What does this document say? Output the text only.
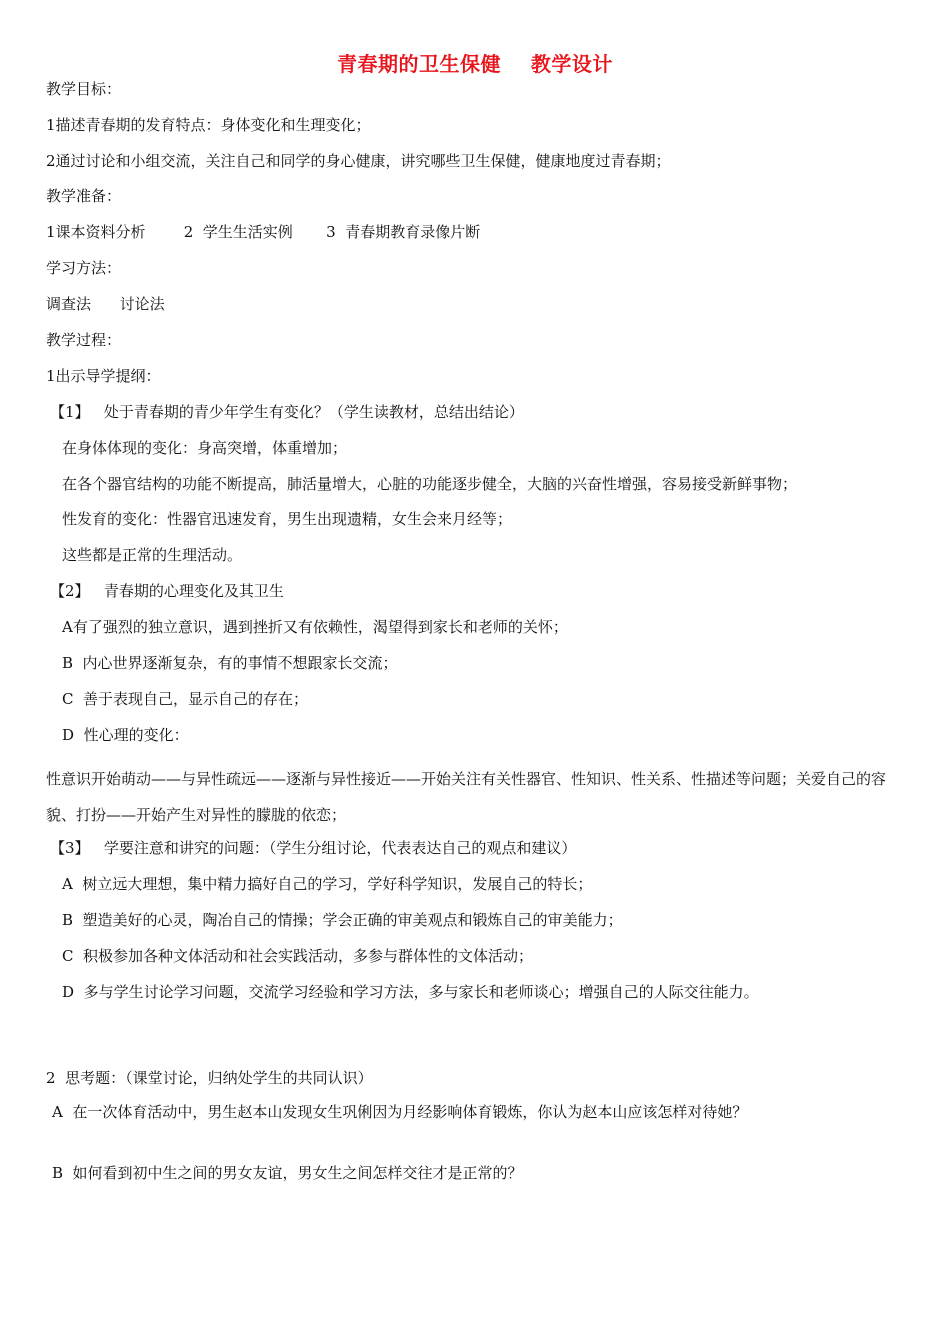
青春期的卫生保健    教学设计
教学目标：
1描述青春期的发育特点：身体变化和生理变化；
2通过讨论和小组交流，关注自己和同学的身心健康，讲究哪些卫生保健，健康地度过青春期；
教学准备：
1课本资料分析        2  学生生活实例       3  青春期教育录像片断
学习方法：
调查法      讨论法
教学过程：
1出示导学提纲：
【1】   处于青春期的青少年学生有变化？（学生读教材，总结出结论）
在身体体现的变化：身高突增，体重增加；
在各个器官结构的功能不断提高，肺活量增大，心脏的功能逐步健全，大脑的兴奋性增强，容易接受新鲜事物；
性发育的变化：性器官迅速发育，男生出现遗精，女生会来月经等；
这些都是正常的生理活动。
【2】   青春期的心理变化及其卫生
A有了强烈的独立意识，遇到挫折又有依赖性，渴望得到家长和老师的关怀；
B  内心世界逐渐复杂，有的事情不想跟家长交流；
C  善于表现自己，显示自己的存在；
D  性心理的变化：
性意识开始萌动——与异性疏远——逐渐与异性接近——开始关注有关性器官、性知识、性关系、性描述等问题；关爱自己的容貌、打扮——开始产生对异性的朦胧的依恋；
【3】   学要注意和讲究的问题：（学生分组讨论，代表表达自己的观点和建议）
A  树立远大理想，集中精力搞好自己的学习，学好科学知识，发展自己的特长；
B  塑造美好的心灵，陶冶自己的情操；学会正确的审美观点和锻炼自己的审美能力；
C  积极参加各种文体活动和社会实践活动，多参与群体性的文体活动；
D  多与学生讨论学习问题，交流学习经验和学习方法，多与家长和老师谈心；增强自己的人际交往能力。
2  思考题：（课堂讨论，归纳处学生的共同认识）
A  在一次体育活动中，男生赵本山发现女生巩俐因为月经影响体育锻炼，你认为赵本山应该怎样对待她？
B  如何看到初中生之间的男女友谊，男女生之间怎样交往才是正常的？
